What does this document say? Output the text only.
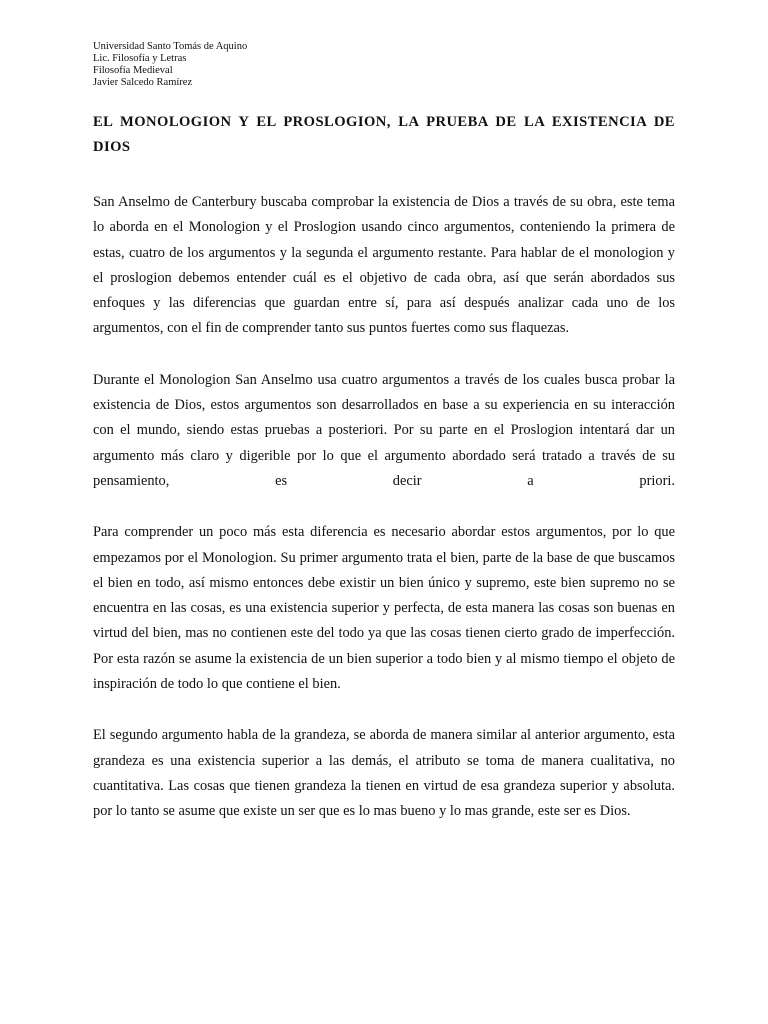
Universidad Santo Tomás de Aquino

Lic. Filosofía y Letras

Filosofía Medieval

Javier Salcedo Ramírez

EL MONOLOGION Y EL PROSLOGION, LA PRUEBA DE LA EXISTENCIA DE DIOS

San Anselmo de Canterbury buscaba comprobar la existencia de Dios a través de su obra, este tema lo aborda en el Monologion y el Proslogion usando cinco argumentos, conteniendo la primera de estas, cuatro de los argumentos y la segunda el argumento restante. Para hablar de el monologion y el proslogion debemos entender cuál es el objetivo de cada obra, así que serán abordados sus enfoques y las diferencias que guardan entre sí, para así después analizar cada uno de los argumentos, con el fin de comprender tanto sus puntos fuertes como sus flaquezas.

Durante el Monologion San Anselmo usa cuatro argumentos a través de los cuales busca probar la existencia de Dios, estos argumentos son desarrollados en base a su experiencia en su interacción con el mundo, siendo estas pruebas a posteriori. Por su parte en el Proslogion intentará dar un argumento más claro y digerible por lo que el argumento abordado será tratado a través de su pensamiento, es decir a priori.

Para comprender un poco más esta diferencia es necesario abordar estos argumentos, por lo que empezamos por el Monologion. Su primer argumento trata el bien, parte de la base de que buscamos el bien en todo, así mismo entonces debe existir un bien único y supremo, este bien supremo no se encuentra en las cosas, es una existencia superior y perfecta, de esta manera las cosas son buenas en virtud del bien, mas no contienen este del todo ya que las cosas tienen cierto grado de imperfección. Por esta razón se asume la existencia de un bien superior a todo bien y al mismo tiempo el objeto de inspiración de todo lo que contiene el bien.

El segundo argumento habla de la grandeza, se aborda de manera similar al anterior argumento, esta grandeza es una existencia superior a las demás, el atributo se toma de manera cualitativa, no cuantitativa. Las cosas que tienen grandeza la tienen en virtud de esa grandeza superior y absoluta. por lo tanto se asume que existe un ser que es lo mas bueno y lo mas grande, este ser es Dios.
